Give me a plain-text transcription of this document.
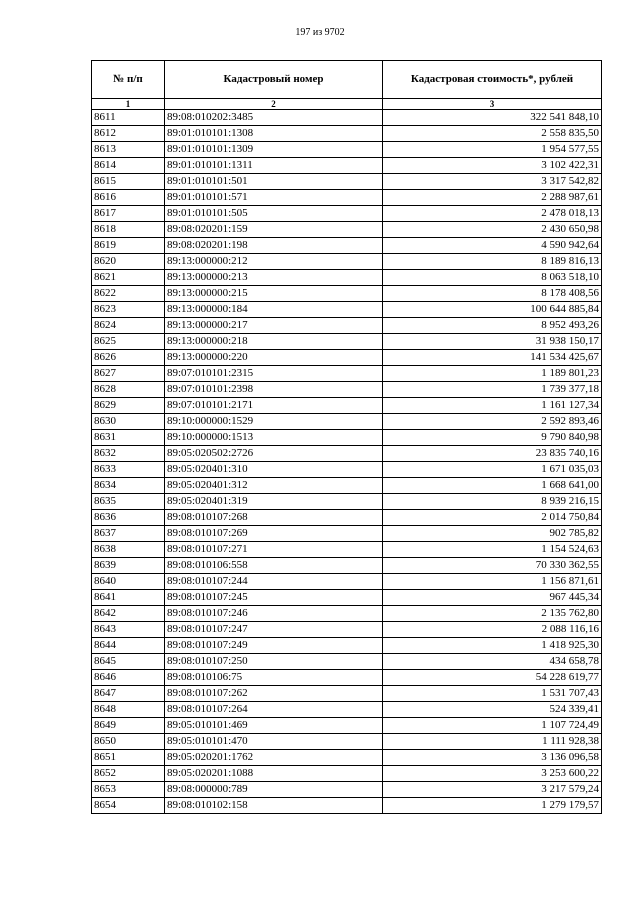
197 из 9702
№ п/п	Кадастровый номер	Кадастровая стоимость*, рублей
1	2	3
8611	89:08:010202:3485	322 541 848,10
8612	89:01:010101:1308	2 558 835,50
8613	89:01:010101:1309	1 954 577,55
8614	89:01:010101:1311	3 102 422,31
8615	89:01:010101:501	3 317 542,82
8616	89:01:010101:571	2 288 987,61
8617	89:01:010101:505	2 478 018,13
8618	89:08:020201:159	2 430 650,98
8619	89:08:020201:198	4 590 942,64
8620	89:13:000000:212	8 189 816,13
8621	89:13:000000:213	8 063 518,10
8622	89:13:000000:215	8 178 408,56
8623	89:13:000000:184	100 644 885,84
8624	89:13:000000:217	8 952 493,26
8625	89:13:000000:218	31 938 150,17
8626	89:13:000000:220	141 534 425,67
8627	89:07:010101:2315	1 189 801,23
8628	89:07:010101:2398	1 739 377,18
8629	89:07:010101:2171	1 161 127,34
8630	89:10:000000:1529	2 592 893,46
8631	89:10:000000:1513	9 790 840,98
8632	89:05:020502:2726	23 835 740,16
8633	89:05:020401:310	1 671 035,03
8634	89:05:020401:312	1 668 641,00
8635	89:05:020401:319	8 939 216,15
8636	89:08:010107:268	2 014 750,84
8637	89:08:010107:269	902 785,82
8638	89:08:010107:271	1 154 524,63
8639	89:08:010106:558	70 330 362,55
8640	89:08:010107:244	1 156 871,61
8641	89:08:010107:245	967 445,34
8642	89:08:010107:246	2 135 762,80
8643	89:08:010107:247	2 088 116,16
8644	89:08:010107:249	1 418 925,30
8645	89:08:010107:250	434 658,78
8646	89:08:010106:75	54 228 619,77
8647	89:08:010107:262	1 531 707,43
8648	89:08:010107:264	524 339,41
8649	89:05:010101:469	1 107 724,49
8650	89:05:010101:470	1 111 928,38
8651	89:05:020201:1762	3 136 096,58
8652	89:05:020201:1088	3 253 600,22
8653	89:08:000000:789	3 217 579,24
8654	89:08:010102:158	1 279 179,57
